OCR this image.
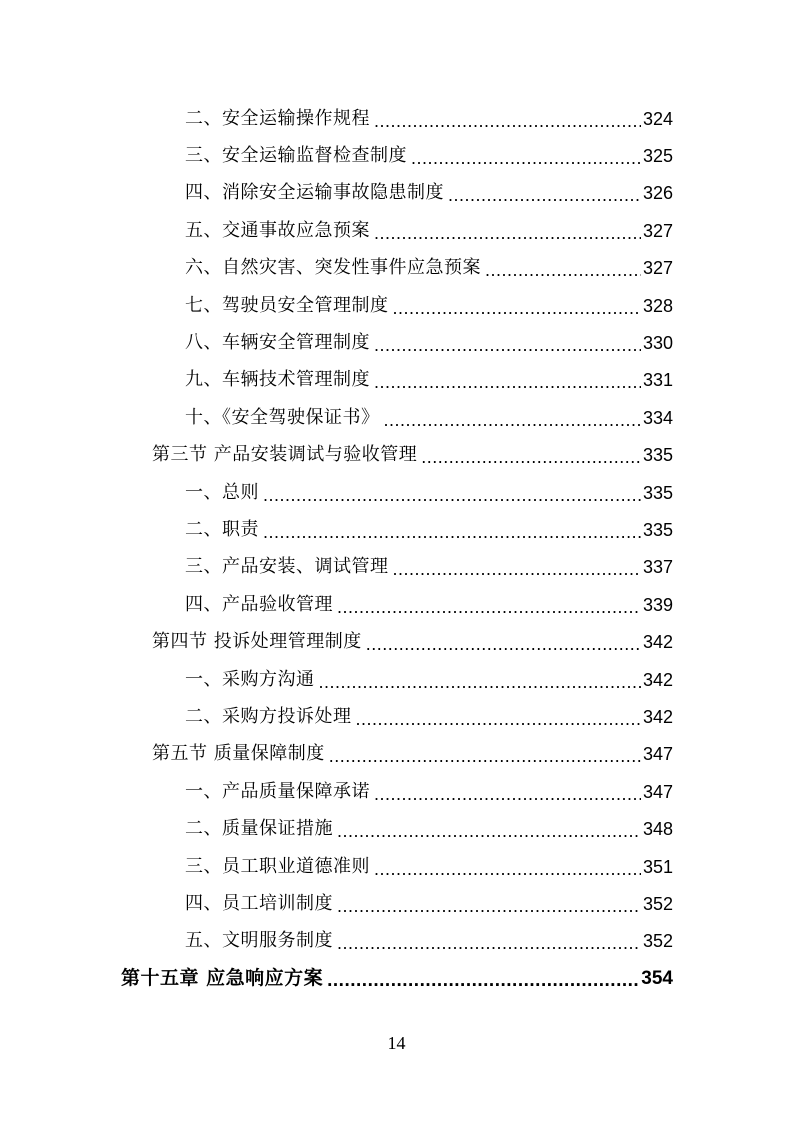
二、安全运输操作规程 .....	324
三、安全运输监督检查制度 .....	325
四、消除安全运输事故隐患制度 .....	326
五、交通事故应急预案 .....	327
六、自然灾害、突发性事件应急预案 .....	327
七、驾驶员安全管理制度 .....	328
八、车辆安全管理制度 .....	330
九、车辆技术管理制度 .....	331
十、《安全驾驶保证书》 .....	334
第三节 产品安装调试与验收管理 .....	335
一、总则 .....	335
二、职责 .....	335
三、产品安装、调试管理 .....	337
四、产品验收管理 .....	339
第四节 投诉处理管理制度 .....	342
一、采购方沟通 .....	342
二、采购方投诉处理 .....	342
第五节 质量保障制度 .....	347
一、产品质量保障承诺 .....	347
二、质量保证措施 .....	348
三、员工职业道德准则 .....	351
四、员工培训制度 .....	352
五、文明服务制度 .....	352
第十五章 应急响应方案 .....	354
14
